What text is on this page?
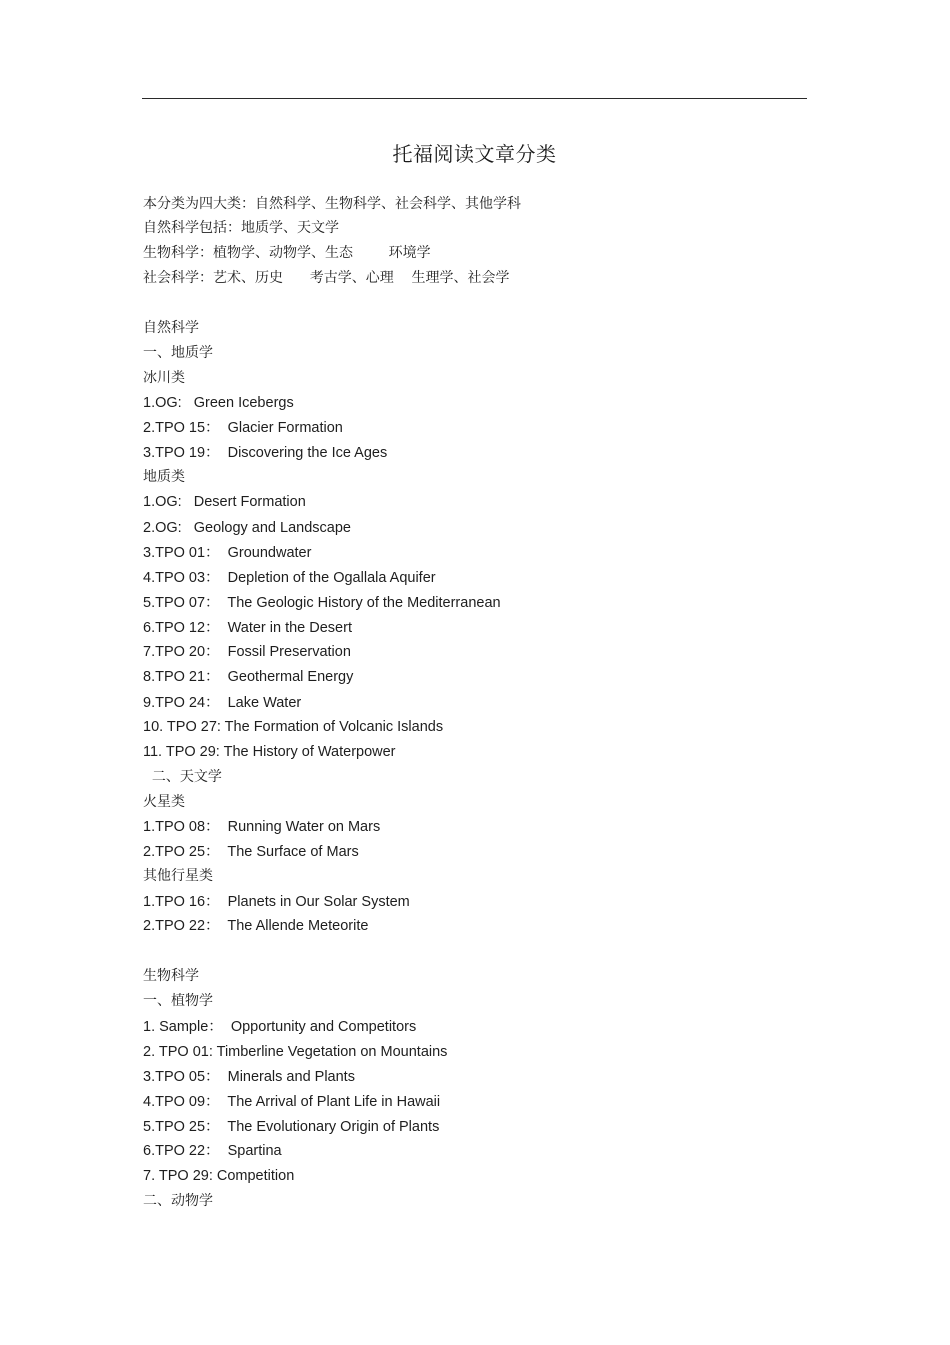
托福阅读文章分类
本分类为四大类：自然科学、生物科学、社会科学、其他学科
自然科学包括：地质学、天文学
生物科学：植物学、动物学、生态        环境学
社会科学：艺术、历史      考古学、心理    生理学、社会学
自然科学
一、地质学
冰川类
1.OG:   Green Icebergs
2.TPO 15：  Glacier Formation
3.TPO 19：  Discovering the Ice Ages
地质类
1.OG:   Desert Formation
2.OG:   Geology and Landscape
3.TPO 01：  Groundwater
4.TPO 03：  Depletion of the Ogallala Aquifer
5.TPO 07：  The Geologic History of the Mediterranean
6.TPO 12：  Water in the Desert
7.TPO 20：  Fossil Preservation
8.TPO 21：  Geothermal Energy
9.TPO 24：  Lake Water
10. TPO 27: The Formation of Volcanic Islands
11. TPO 29: The History of Waterpower
二、天文学
火星类
1.TPO 08：  Running Water on Mars
2.TPO 25：  The Surface of Mars
其他行星类
1.TPO 16：  Planets in Our Solar System
2.TPO 22：  The Allende Meteorite
生物科学
一、植物学
1. Sample：  Opportunity and Competitors
2. TPO 01: Timberline Vegetation on Mountains
3.TPO 05：  Minerals and Plants
4.TPO 09：  The Arrival of Plant Life in Hawaii
5.TPO 25：  The Evolutionary Origin of Plants
6.TPO 22：  Spartina
7. TPO 29: Competition
二、动物学
